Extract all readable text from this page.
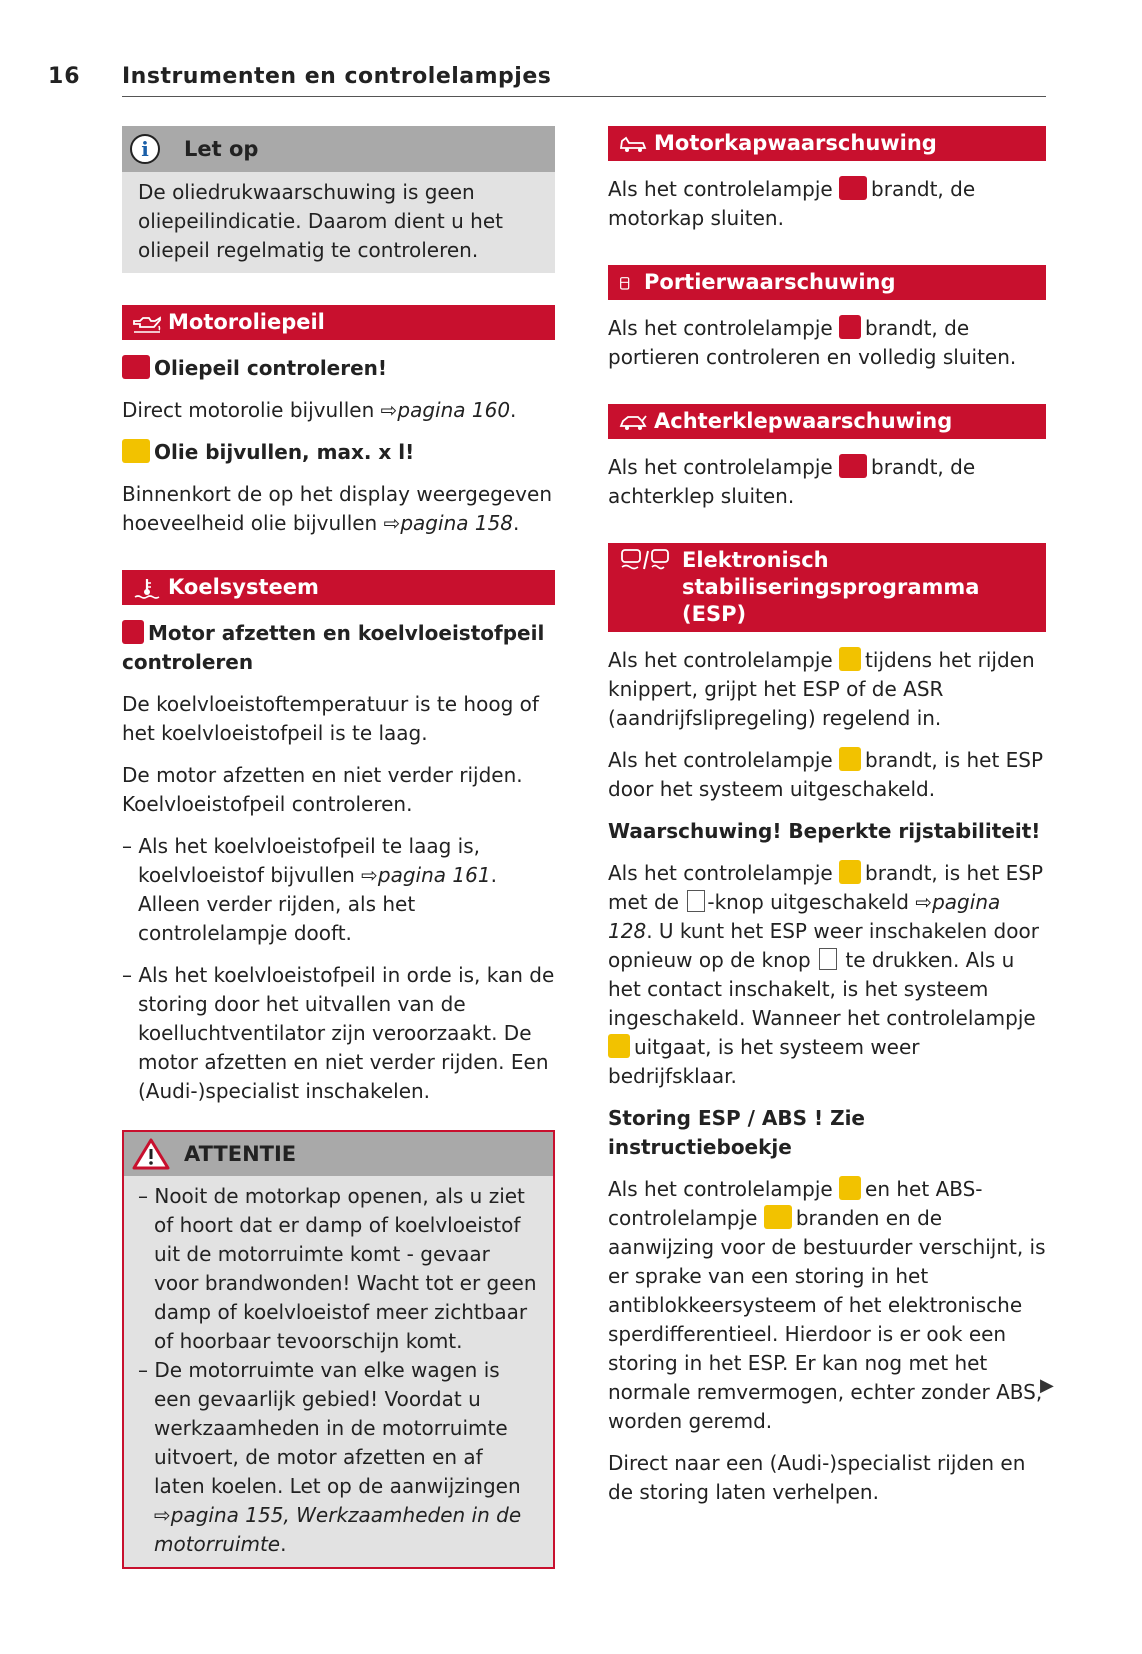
16 Instrumenten en controlelampjes
i	Let op
De oliedrukwaarschuwing is geen oliepeilindicatie. Daarom dient u het oliepeil regelmatig te controleren.
Motoroliepeil

Oliepeil controleren!

Direct motorolie bijvullen ⇨pagina 160.

Olie bijvullen, max. x l!

Binnenkort de op het display weergegeven hoeveelheid olie bijvullen ⇨pagina 158.

Koelsysteem

Motor afzetten en koelvloeistofpeil controleren

De koelvloeistoftemperatuur is te hoog of het koelvloeistofpeil is te laag.

De motor afzetten en niet verder rijden. Koelvloeistofpeil controleren.

– Als het koelvloeistofpeil te laag is, koelvloeistof bijvullen ⇨pagina 161. Alleen verder rijden, als het controlelampje dooft.

– Als het koelvloeistofpeil in orde is, kan de storing door het uitvallen van de koelluchtventilator zijn veroorzaakt. De motor afzetten en niet verder rijden. Een (Audi-)specialist inschakelen.

ATTENTIE

– Nooit de motorkap openen, als u ziet of hoort dat er damp of koelvloeistof uit de motorruimte komt - gevaar voor brandwonden! Wacht tot er geen damp of koelvloeistof meer zichtbaar of hoorbaar tevoorschijn komt.

– De motorruimte van elke wagen is een gevaarlijk gebied! Voordat u werkzaamheden in de motorruimte uitvoert, de motor afzetten en af laten koelen. Let op de aanwijzingen ⇨pagina 155, Werkzaamheden in de motorruimte.

Motorkapwaarschuwing

Als het controlelampje brandt, de motorkap sluiten.

Portierwaarschuwing

Als het controlelampje brandt, de portieren controleren en volledig sluiten.

Achterklepwaarschuwing

Als het controlelampje brandt, de achterklep sluiten.

Elektronisch stabiliseringsprogramma (ESP)

Als het controlelampje tijdens het rijden knippert, grijpt het ESP of de ASR (aandrijfslipregeling) regelend in.

Als het controlelampje brandt, is het ESP door het systeem uitgeschakeld.

Waarschuwing! Beperkte rijstabiliteit!

Als het controlelampje brandt, is het ESP met de -knop uitgeschakeld ⇨pagina 128. U kunt het ESP weer inschakelen door opnieuw op de knop te drukken. Als u het contact inschakelt, is het systeem ingeschakeld. Wanneer het controlelampje uitgaat, is het systeem weer bedrijfsklaar.

Storing ESP / ABS ! Zie instructieboekje

Als het controlelampje en het ABS-controlelampje branden en de aanwijzing voor de bestuurder verschijnt, is er sprake van een storing in het antiblokkeersysteem of het elektronische sperdifferentieel. Hierdoor is er ook een storing in het ESP. Er kan nog met het normale remvermogen, echter zonder ABS, worden geremd.

Direct naar een (Audi-)specialist rijden en de storing laten verhelpen.

▶
